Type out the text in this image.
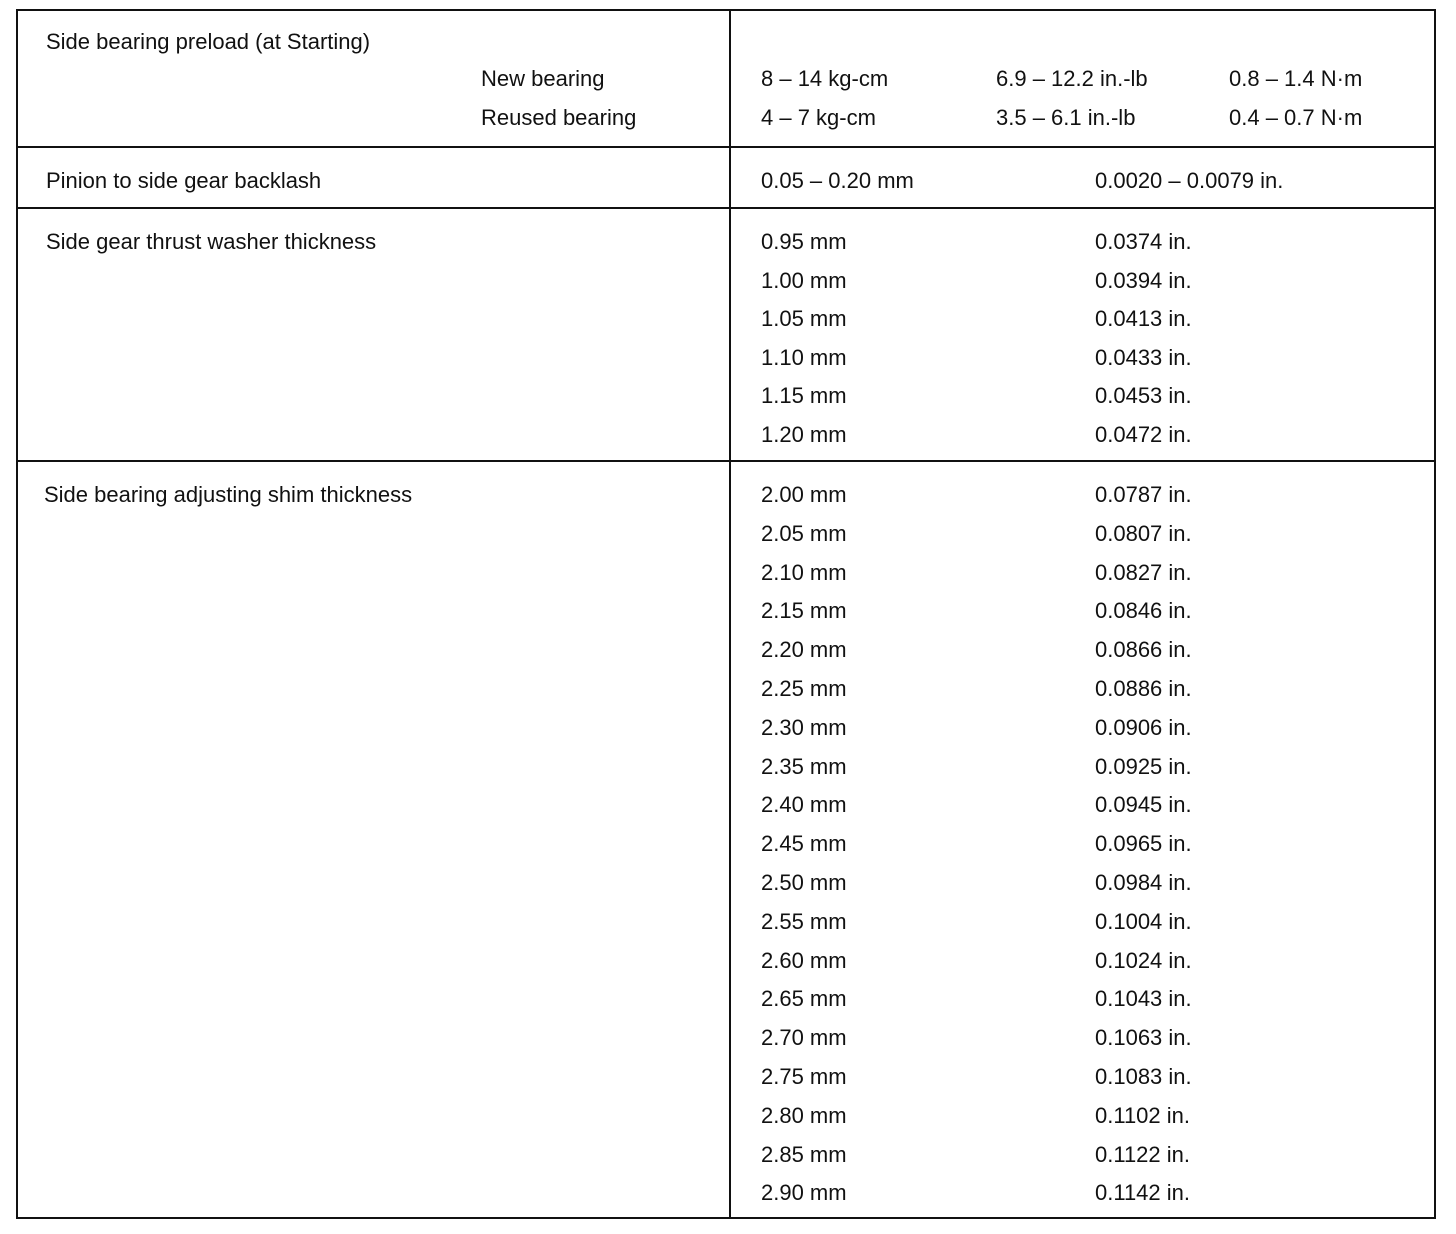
Side bearing preload (at Starting)
New bearing	8 – 14 kg-cm	6.9 – 12.2 in.-lb	0.8 – 1.4 N·m
Reused bearing	4 – 7 kg-cm	3.5 – 6.1 in.-lb	0.4 – 0.7 N·m
Pinion to side gear backlash	0.05 – 0.20 mm	0.0020 – 0.0079 in.
Side gear thrust washer thickness	0.95 mm	0.0374 in.
1.00 mm	0.0394 in.
1.05 mm	0.0413 in.
1.10 mm	0.0433 in.
1.15 mm	0.0453 in.
1.20 mm	0.0472 in.
Side bearing adjusting shim thickness	2.00 mm	0.0787 in.
2.05 mm	0.0807 in.
2.10 mm	0.0827 in.
2.15 mm	0.0846 in.
2.20 mm	0.0866 in.
2.25 mm	0.0886 in.
2.30 mm	0.0906 in.
2.35 mm	0.0925 in.
2.40 mm	0.0945 in.
2.45 mm	0.0965 in.
2.50 mm	0.0984 in.
2.55 mm	0.1004 in.
2.60 mm	0.1024 in.
2.65 mm	0.1043 in.
2.70 mm	0.1063 in.
2.75 mm	0.1083 in.
2.80 mm	0.1102 in.
2.85 mm	0.1122 in.
2.90 mm	0.1142 in.
